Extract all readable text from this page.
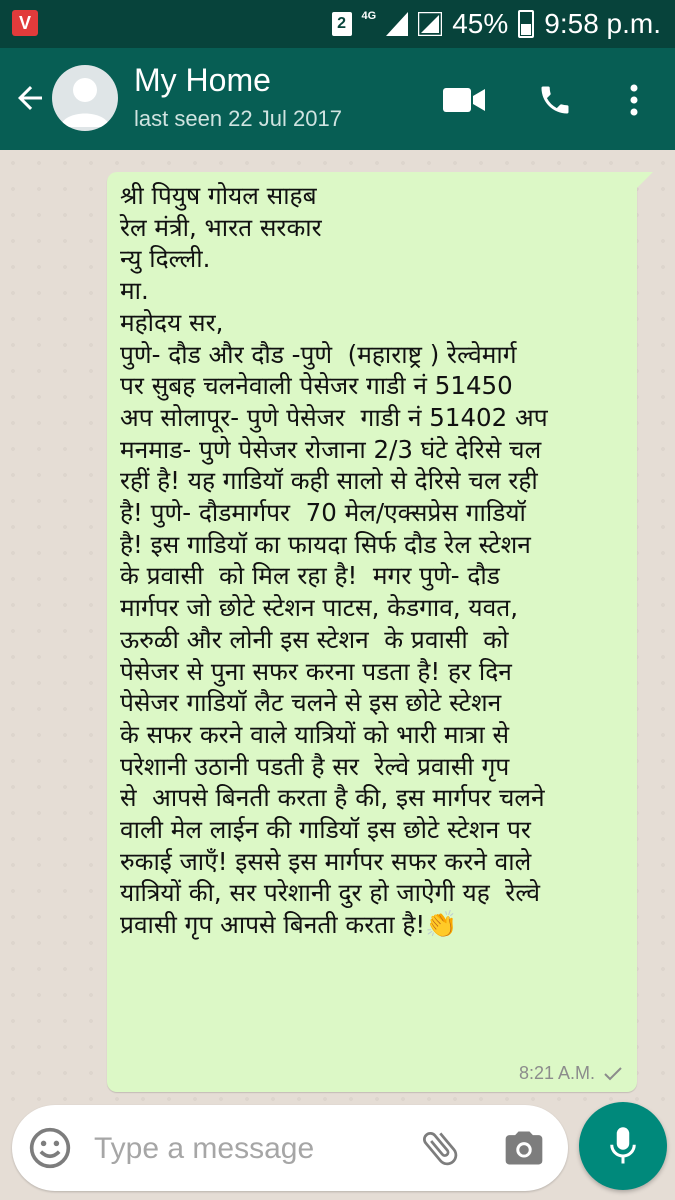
V	2	4G	45% 9:58 p.m.
My Home
last seen 22 Jul 2017

श्री पियुष गोयल साहब
रेल मंत्री, भारत सरकार
न्यु दिल्ली.
मा.
महोदय सर,
पुणे- दौड और दौड -पुणे  (महाराष्ट्र ) रेल्वेमार्ग
पर सुबह चलनेवाली पेसेजर गाडी नं 51450
अप सोलापूर- पुणे पेसेजर  गाडी नं 51402 अप
मनमाड- पुणे पेसेजर रोजाना 2/3 घंटे देरिसे चल
रहीं है! यह गाडियॉ कही सालो से देरिसे चल रही
है! पुणे- दौडमार्गपर  70 मेल/एक्सप्रेस गाडियॉ
है! इस गाडियॉ का फायदा सिर्फ दौड रेल स्टेशन
के प्रवासी  को मिल रहा है!  मगर पुणे- दौड
मार्गपर जो छोटे स्टेशन पाटस, केडगाव, यवत,
ऊरुळी और लोनी इस स्टेशन  के प्रवासी  को
पेसेजर से पुना सफर करना पडता है! हर दिन
पेसेजर गाडियॉ लैट चलने से इस छोटे स्टेशन
के सफर करने वाले यात्रियों को भारी मात्रा से
परेशानी उठानी पडती है सर  रेल्वे प्रवासी गृप
से  आपसे बिनती करता है की, इस मार्गपर चलने
वाली मेल लाईन की गाडियॉ इस छोटे स्टेशन पर
रुकाई जाएँ! इससे इस मार्गपर सफर करने वाले
यात्रियों की, सर परेशानी दुर हो जाऐगी यह  रेल्वे
प्रवासी गृप आपसे बिनती करता है!👏

8:21 A.M.
Type a message
